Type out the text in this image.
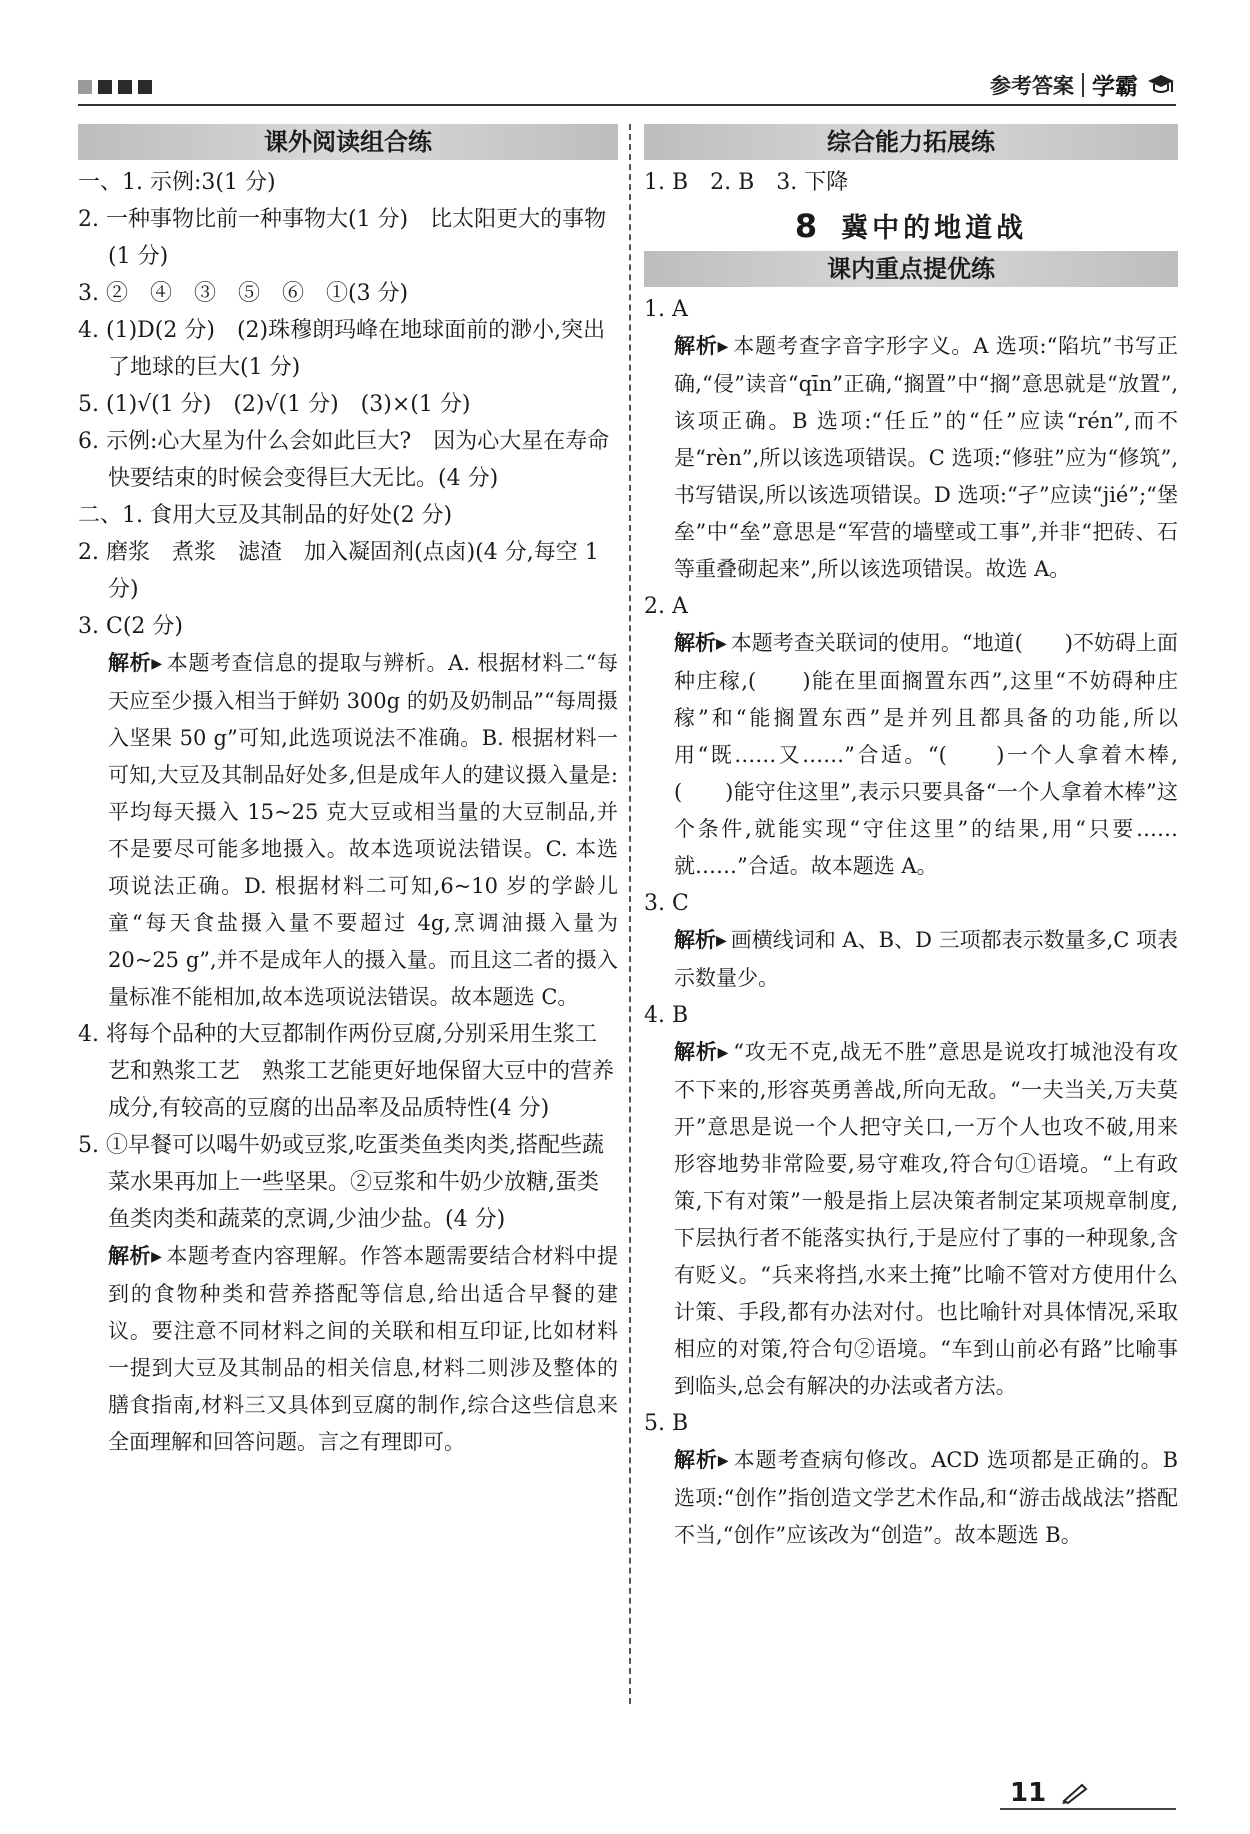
参考答案 学霸
课外阅读组合练

一、1. 示例:3(1 分)

2. 一种事物比前一种事物大(1 分)　比太阳更大的事物(1 分)

3. ②　④　③　⑤　⑥　①(3 分)

4. (1)D(2 分)　(2)珠穆朗玛峰在地球面前的渺小,突出了地球的巨大(1 分)

5. (1)√(1 分)　(2)√(1 分)　(3)×(1 分)

6. 示例:心大星为什么会如此巨大?　因为心大星在寿命快要结束的时候会变得巨大无比。(4 分)

二、1. 食用大豆及其制品的好处(2 分)

2. 磨浆　煮浆　滤渣　加入凝固剂(点卤)(4 分,每空 1 分)

3. C(2 分)

解析▶ 本题考查信息的提取与辨析。A. 根据材料二“每天应至少摄入相当于鲜奶 300g 的奶及奶制品”“每周摄入坚果 50 g”可知,此选项说法不准确。B. 根据材料一可知,大豆及其制品好处多,但是成年人的建议摄入量是:平均每天摄入 15~25 克大豆或相当量的大豆制品,并不是要尽可能多地摄入。故本选项说法错误。C. 本选项说法正确。D. 根据材料二可知,6~10 岁的学龄儿童“每天食盐摄入量不要超过 4g,烹调油摄入量为 20~25 g”,并不是成年人的摄入量。而且这二者的摄入量标准不能相加,故本选项说法错误。故本题选 C。

4. 将每个品种的大豆都制作两份豆腐,分别采用生浆工艺和熟浆工艺　熟浆工艺能更好地保留大豆中的营养成分,有较高的豆腐的出品率及品质特性(4 分)

5. ①早餐可以喝牛奶或豆浆,吃蛋类鱼类肉类,搭配些蔬菜水果再加上一些坚果。②豆浆和牛奶少放糖,蛋类鱼类肉类和蔬菜的烹调,少油少盐。(4 分)

解析▶ 本题考查内容理解。作答本题需要结合材料中提到的食物种类和营养搭配等信息,给出适合早餐的建议。要注意不同材料之间的关联和相互印证,比如材料一提到大豆及其制品的相关信息,材料二则涉及整体的膳食指南,材料三又具体到豆腐的制作,综合这些信息来全面理解和回答问题。言之有理即可。

综合能力拓展练

1. B　2. B　3. 下降

8 冀中的地道战
课内重点提优练

1. A

解析▶ 本题考查字音字形字义。A 选项:“陷坑”书写正确,“侵”读音“qīn”正确,“搁置”中“搁”意思就是“放置”,该项正确。B 选项:“任丘”的“任”应读“rén”,而不是“rèn”,所以该选项错误。C 选项:“修驻”应为“修筑”,书写错误,所以该选项错误。D 选项:“孑”应读“jié”;“堡垒”中“垒”意思是“军营的墙壁或工事”,并非“把砖、石等重叠砌起来”,所以该选项错误。故选 A。

2. A

解析▶ 本题考查关联词的使用。“地道(　　)不妨碍上面种庄稼,(　　)能在里面搁置东西”,这里“不妨碍种庄稼”和“能搁置东西”是并列且都具备的功能,所以用“既……又……”合适。“(　　)一个人拿着木棒,(　　)能守住这里”,表示只要具备“一个人拿着木棒”这个条件,就能实现“守住这里”的结果,用“只要……就……”合适。故本题选 A。

3. C

解析▶ 画横线词和 A、B、D 三项都表示数量多,C 项表示数量少。

4. B

解析▶ “攻无不克,战无不胜”意思是说攻打城池没有攻不下来的,形容英勇善战,所向无敌。“一夫当关,万夫莫开”意思是说一个人把守关口,一万个人也攻不破,用来形容地势非常险要,易守难攻,符合句①语境。“上有政策,下有对策”一般是指上层决策者制定某项规章制度,下层执行者不能落实执行,于是应付了事的一种现象,含有贬义。“兵来将挡,水来土掩”比喻不管对方使用什么计策、手段,都有办法对付。也比喻针对具体情况,采取相应的对策,符合句②语境。“车到山前必有路”比喻事到临头,总会有解决的办法或者方法。

5. B

解析▶ 本题考查病句修改。ACD 选项都是正确的。B 选项:“创作”指创造文学艺术作品,和“游击战战法”搭配不当,“创作”应该改为“创造”。故本题选 B。

11
